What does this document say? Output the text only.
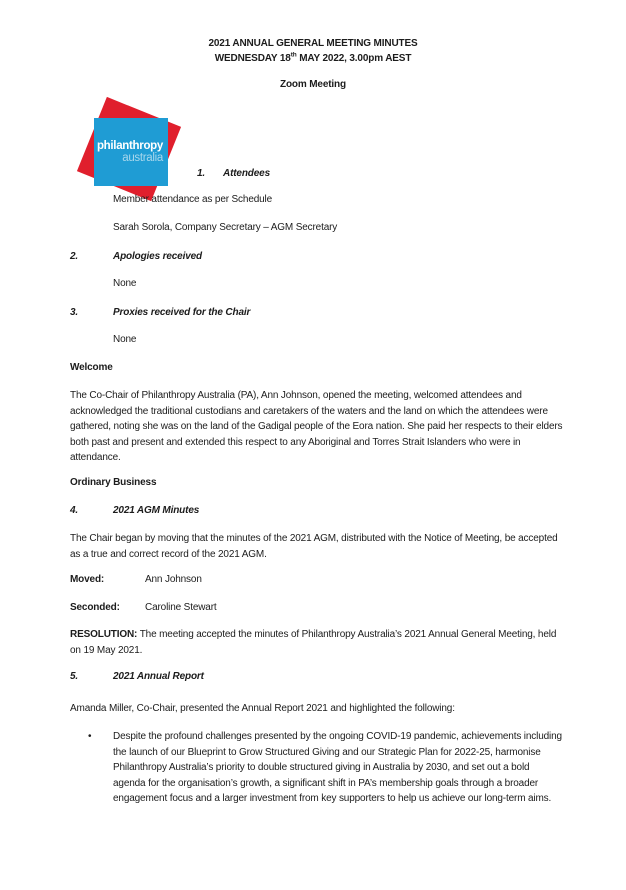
2021 ANNUAL GENERAL MEETING MINUTES
WEDNESDAY 18th MAY 2022, 3.00pm AEST
Zoom Meeting
philanthropy
australia
1. Attendees
Member attendance as per Schedule
Sarah Sorola, Company Secretary – AGM Secretary
2.	Apologies received
None
3.	Proxies received for the Chair
None
Welcome
The Co-Chair of Philanthropy Australia (PA), Ann Johnson, opened the meeting, welcomed attendees and acknowledged the traditional custodians and caretakers of the waters and the land on which the attendees were gathered, noting she was on the land of the Gadigal people of the Eora nation. She paid her respects to their elders both past and present and extended this respect to any Aboriginal and Torres Strait Islanders who were in attendance.
Ordinary Business
4.	2021 AGM Minutes
The Chair began by moving that the minutes of the 2021 AGM, distributed with the Notice of Meeting, be accepted as a true and correct record of the 2021 AGM.
Moved:	Ann Johnson
Seconded:	Caroline Stewart
RESOLUTION: The meeting accepted the minutes of Philanthropy Australia’s 2021 Annual General Meeting, held on 19 May 2021.
5.	2021 Annual Report
Amanda Miller, Co-Chair, presented the Annual Report 2021 and highlighted the following:
• Despite the profound challenges presented by the ongoing COVID-19 pandemic, achievements including the launch of our Blueprint to Grow Structured Giving and our Strategic Plan for 2022-25, harmonise Philanthropy Australia’s priority to double structured giving in Australia by 2030, and set out a bold agenda for the organisation’s growth, a significant shift in PA’s membership goals through a broader engagement focus and a larger investment from key supporters to help us achieve our long-term aims.
